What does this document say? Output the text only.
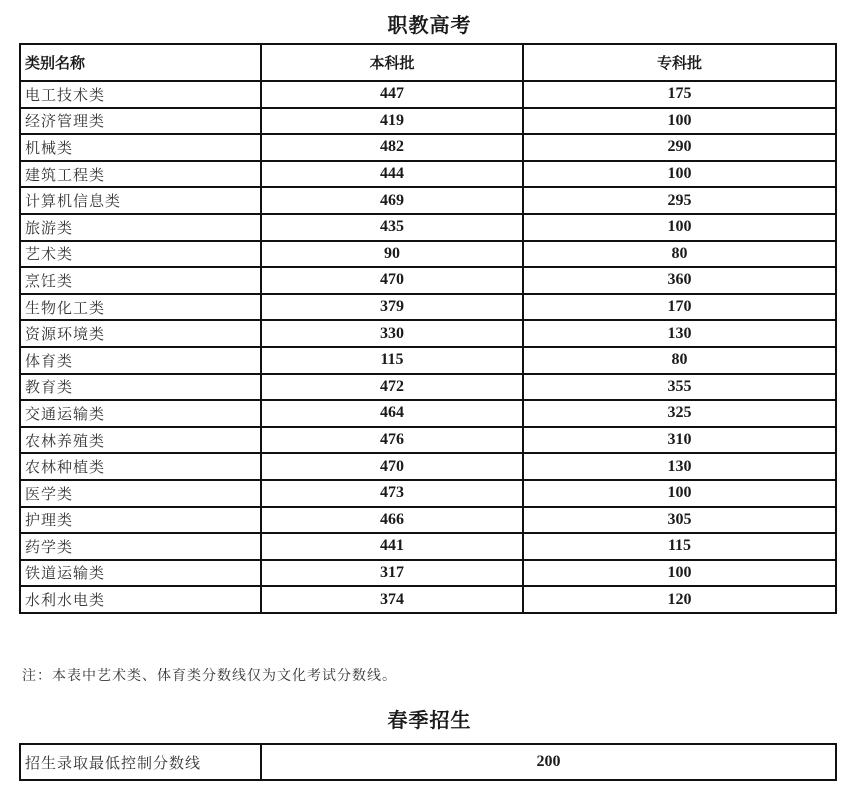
职教高考
类别名称	本科批	专科批
电工技术类	447	175
经济管理类	419	100
机械类	482	290
建筑工程类	444	100
计算机信息类	469	295
旅游类	435	100
艺术类	90	80
烹饪类	470	360
生物化工类	379	170
资源环境类	330	130
体育类	115	80
教育类	472	355
交通运输类	464	325
农林养殖类	476	310
农林种植类	470	130
医学类	473	100
护理类	466	305
药学类	441	115
铁道运输类	317	100
水利水电类	374	120
注：本表中艺术类、体育类分数线仅为文化考试分数线。
春季招生
招生录取最低控制分数线	200
